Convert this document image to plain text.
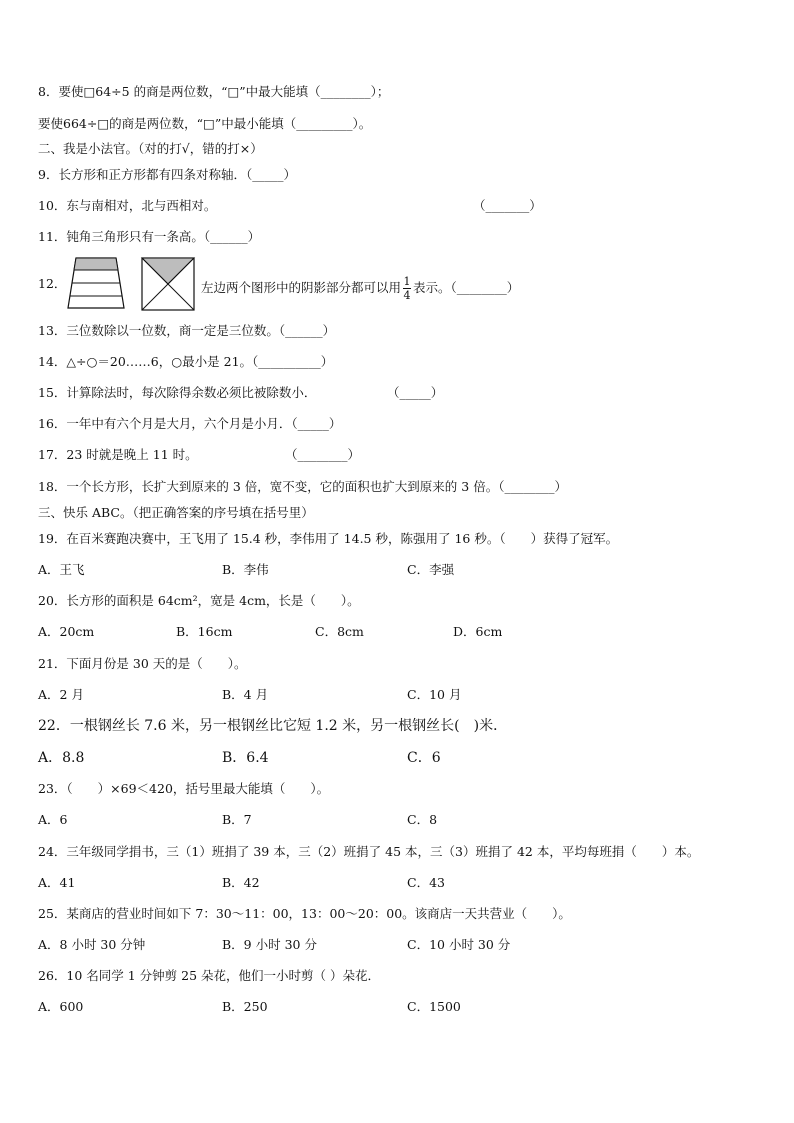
8．要使□64÷5 的商是两位数，“□”中最大能填（________）；
要使664÷□的商是两位数，“□”中最小能填（_________）。
二、我是小法官。（对的打√，错的打×）
9．长方形和正方形都有四条对称轴．（_____）
10．东与南相对，北与西相对。	（_______）
11．钝角三角形只有一条高。（______）
12．	左边两个图形中的阴影部分都可以用 $\frac{1}{4}$ 表示。（________）
13．三位数除以一位数，商一定是三位数。（______）
14．△÷○＝20……6，○最小是 21。（__________）
15．计算除法时，每次除得余数必须比被除数小．	（_____）
16．一年中有六个月是大月，六个月是小月．（_____）
17．23 时就是晚上 11 时。	（________）
18．一个长方形，长扩大到原来的 3 倍，宽不变，它的面积也扩大到原来的 3 倍。（________）
三、快乐 ABC。（把正确答案的序号填在括号里）
19．在百米赛跑决赛中，王飞用了 15.4 秒，李伟用了 14.5 秒，陈强用了 16 秒。（　　）获得了冠军。
A．王飞	B．李伟	C．李强
20．长方形的面积是 64cm²，宽是 4cm，长是（　　）。
A．20cm	B．16cm	C．8cm	D．6cm
21．下面月份是 30 天的是（　　）。
A．2 月	B．4 月	C．10 月
22．一根钢丝长 7.6 米，另一根钢丝比它短 1.2 米，另一根钢丝长(　)米．
A．8.8	B．6.4	C．6
23．（　　）×69＜420，括号里最大能填（　　）。
A．6	B．7	C．8
24．三年级同学捐书，三（1）班捐了 39 本，三（2）班捐了 45 本，三（3）班捐了 42 本，平均每班捐（　　）本。
A．41	B．42	C．43
25．某商店的营业时间如下 7：30～11：00，13：00～20：00。该商店一天共营业（　　）。
A．8 小时 30 分钟	B．9 小时 30 分	C．10 小时 30 分
26．10 名同学 1 分钟剪 25 朵花，他们一小时剪（ ）朵花．
A．600	B．250	C．1500
